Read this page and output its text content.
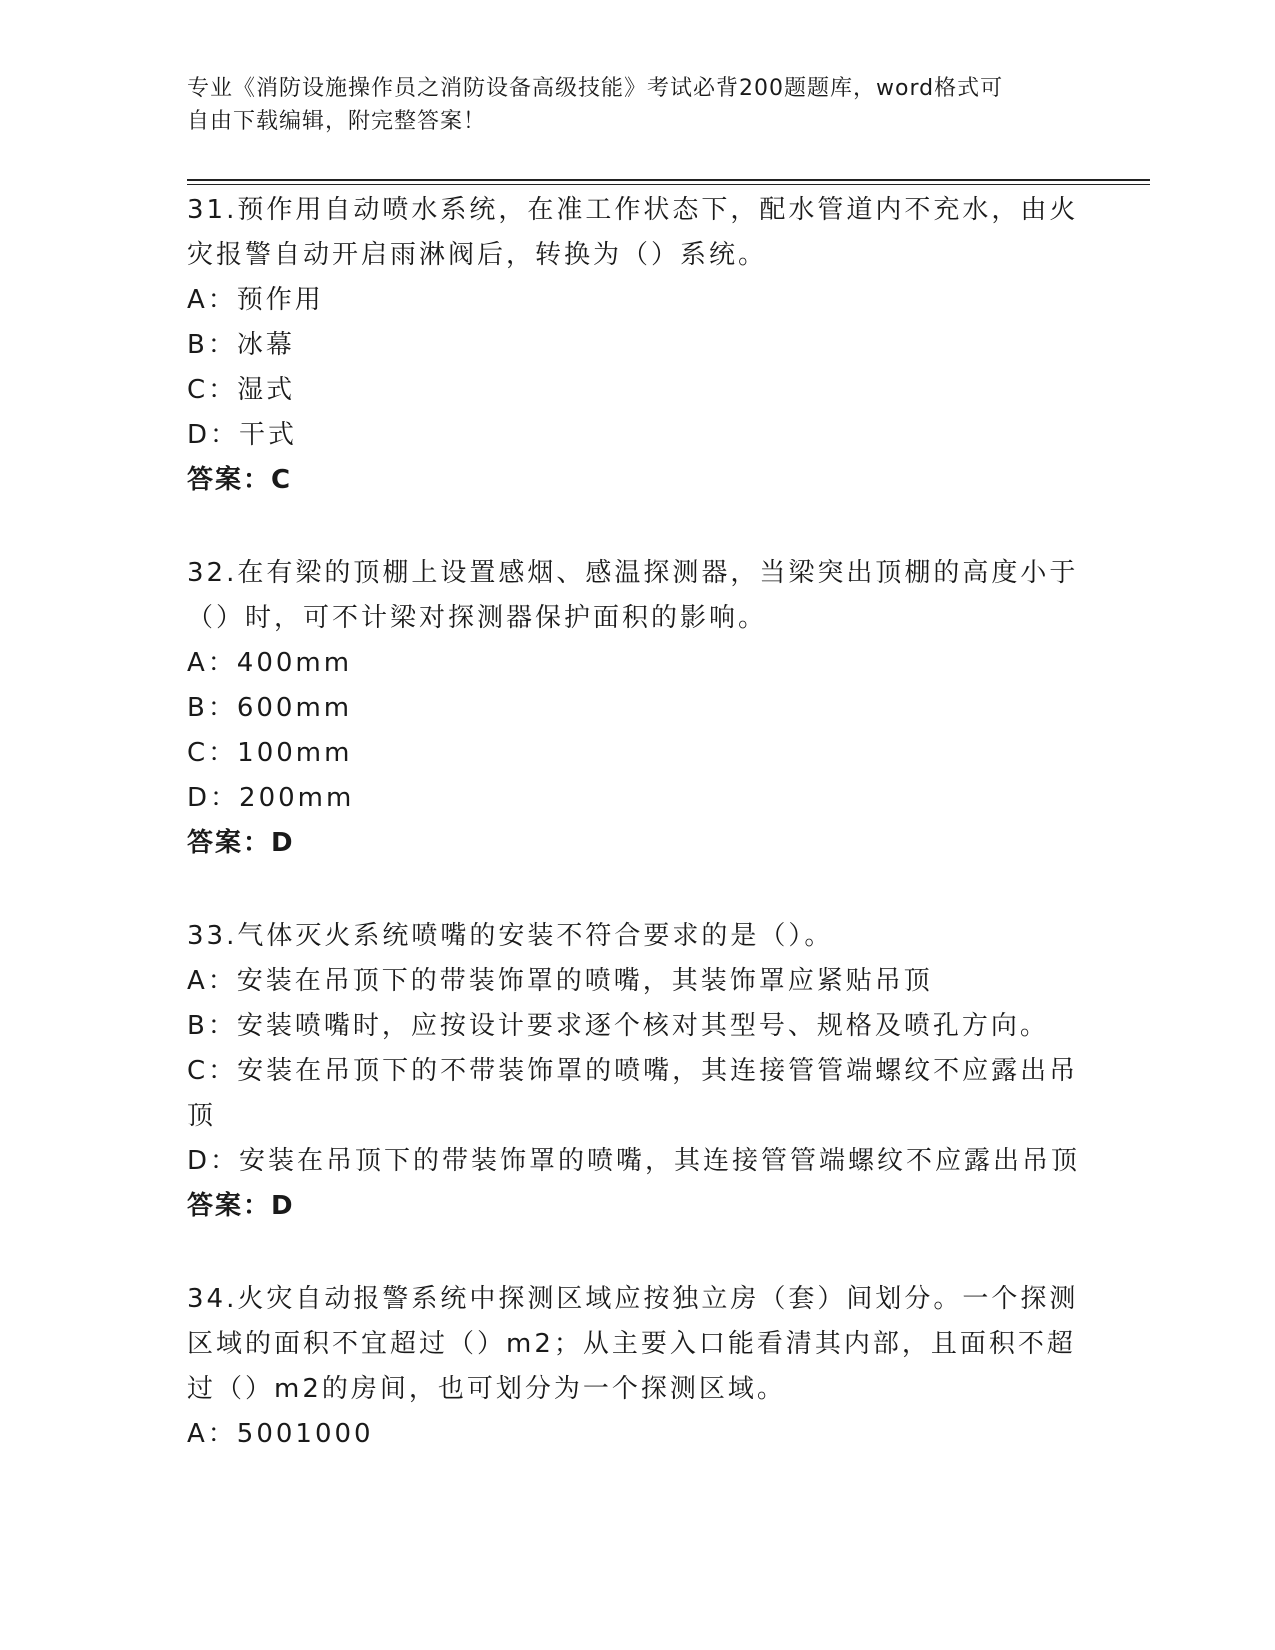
专业《消防设施操作员之消防设备高级技能》考试必背200题题库，word格式可
自由下载编辑，附完整答案！
31.预作用自动喷水系统，在准工作状态下，配水管道内不充水，由火
灾报警自动开启雨淋阀后，转换为（）系统。
A： 预作用
B： 冰幕
C： 湿式
D： 干式
答案：C
32.在有梁的顶棚上设置感烟、感温探测器，当梁突出顶棚的高度小于
（）时，可不计梁对探测器保护面积的影响。
A： 400mm
B： 600mm
C： 100mm
D： 200mm
答案：D
33.气体灭火系统喷嘴的安装不符合要求的是（）。
A： 安装在吊顶下的带装饰罩的喷嘴，其装饰罩应紧贴吊顶
B： 安装喷嘴时，应按设计要求逐个核对其型号、规格及喷孔方向。
C： 安装在吊顶下的不带装饰罩的喷嘴，其连接管管端螺纹不应露出吊
顶
D： 安装在吊顶下的带装饰罩的喷嘴，其连接管管端螺纹不应露出吊顶
答案：D
34.火灾自动报警系统中探测区域应按独立房（套）间划分。一个探测
区域的面积不宜超过（）m2；从主要入口能看清其内部，且面积不超
过（）m2的房间，也可划分为一个探测区域。
A： 5001000
